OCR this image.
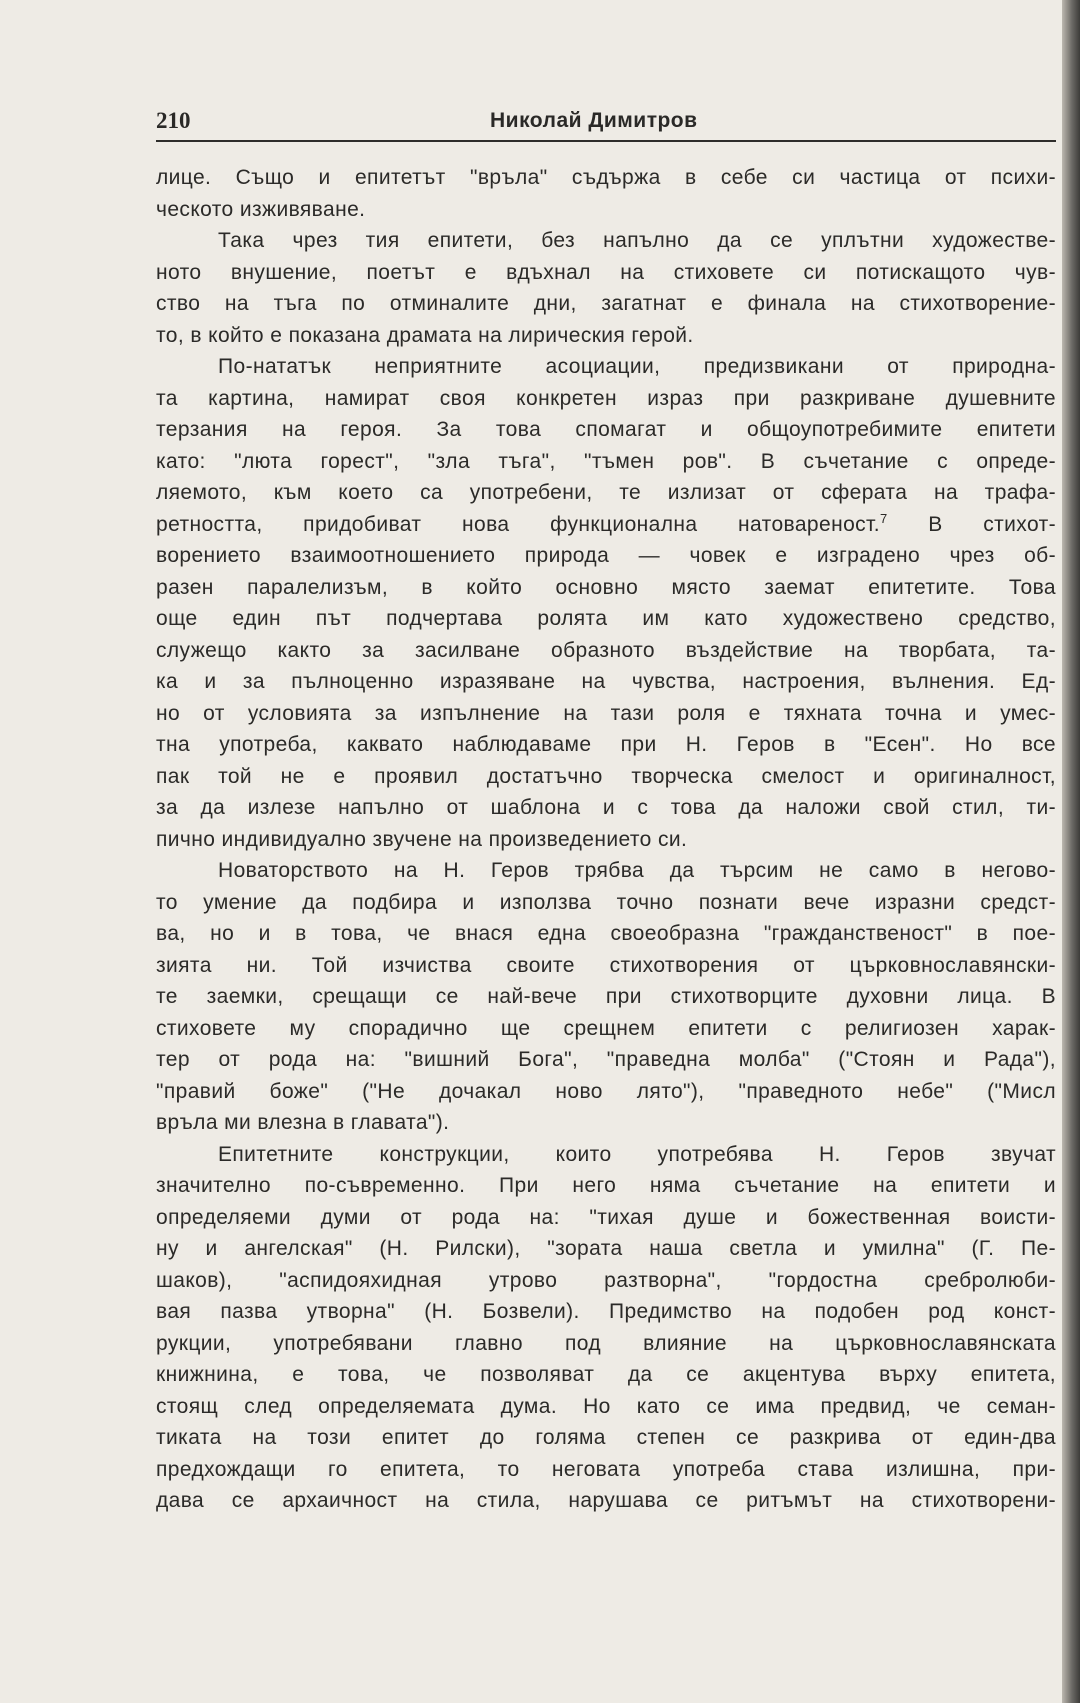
210	Николай Димитров
лице. Също и епитетът "връла" съдържа в себе си частица от психи-
ческото изживяване.
Така чрез тия епитети, без напълно да се уплътни художестве-
ното внушение, поетът е вдъхнал на стиховете си потискащото чув-
ство на тъга по отминалите дни, загатнат е финала на стихотворение-
то, в който е показана драмата на лирическия герой.
По-нататък неприятните асоциации, предизвикани от природна-
та картина, намират своя конкретен израз при разкриване душевните
терзания на героя. За това спомагат и общоупотребимите епитети
като: "люта горест", "зла тъга", "тъмен ров". В съчетание с опреде-
ляемото, към което са употребени, те излизат от сферата на трафа-
ретността, придобиват нова функционална натовареност.$^7$ В стихот-
ворението взаимоотношението природа — човек е изградено чрез об-
разен паралелизъм, в който основно място заемат епитетите. Това
още един път подчертава ролята им като художествено средство,
служещо както за засилване образното въздействие на творбата, та-
ка и за пълноценно изразяване на чувства, настроения, вълнения. Ед-
но от условията за изпълнение на тази роля е тяхната точна и умес-
тна употреба, каквато наблюдаваме при Н. Геров в "Есен". Но все
пак той не е проявил достатъчно творческа смелост и оригиналност,
за да излезе напълно от шаблона и с това да наложи свой стил, ти-
пично индивидуално звучене на произведението си.
Новаторството на Н. Геров трябва да търсим не само в негово-
то умение да подбира и използва точно познати вече изразни средст-
ва, но и в това, че внася една своеобразна "гражданственост" в пое-
зията ни. Той изчиства своите стихотворения от църковнославянски-
те заемки, срещащи се най-вече при стихотворците духовни лица. В
стиховете му спорадично ще срещнем епитети с религиозен харак-
тер от рода на: "вишний Бога", "праведна молба" ("Стоян и Рада"),
"правий боже" ("Не дочакал ново лято"), "праведното небе" ("Мисл
връла ми влезна в главата").
Епитетните конструкции, които употребява Н. Геров звучат
значително по-съвременно. При него няма съчетание на епитети и
определяеми думи от рода на: "тихая душе и божественная воисти-
ну и ангелская" (Н. Рилски), "зората наша светла и умилна" (Г. Пе-
шаков), "аспидояхидная утрово разтворна", "гордостна сребролюби-
вая пазва утворна" (Н. Бозвели). Предимство на подобен род конст-
рукции, употребявани главно под влияние на църковнославянската
книжнина, е това, че позволяват да се акцентува върху епитета,
стоящ след определяемата дума. Но като се има предвид, че семан-
тиката на този епитет до голяма степен се разкрива от един-два
предхождащи го епитета, то неговата употреба става излишна, при-
дава се архаичност на стила, нарушава се ритъмът на стихотворени-
